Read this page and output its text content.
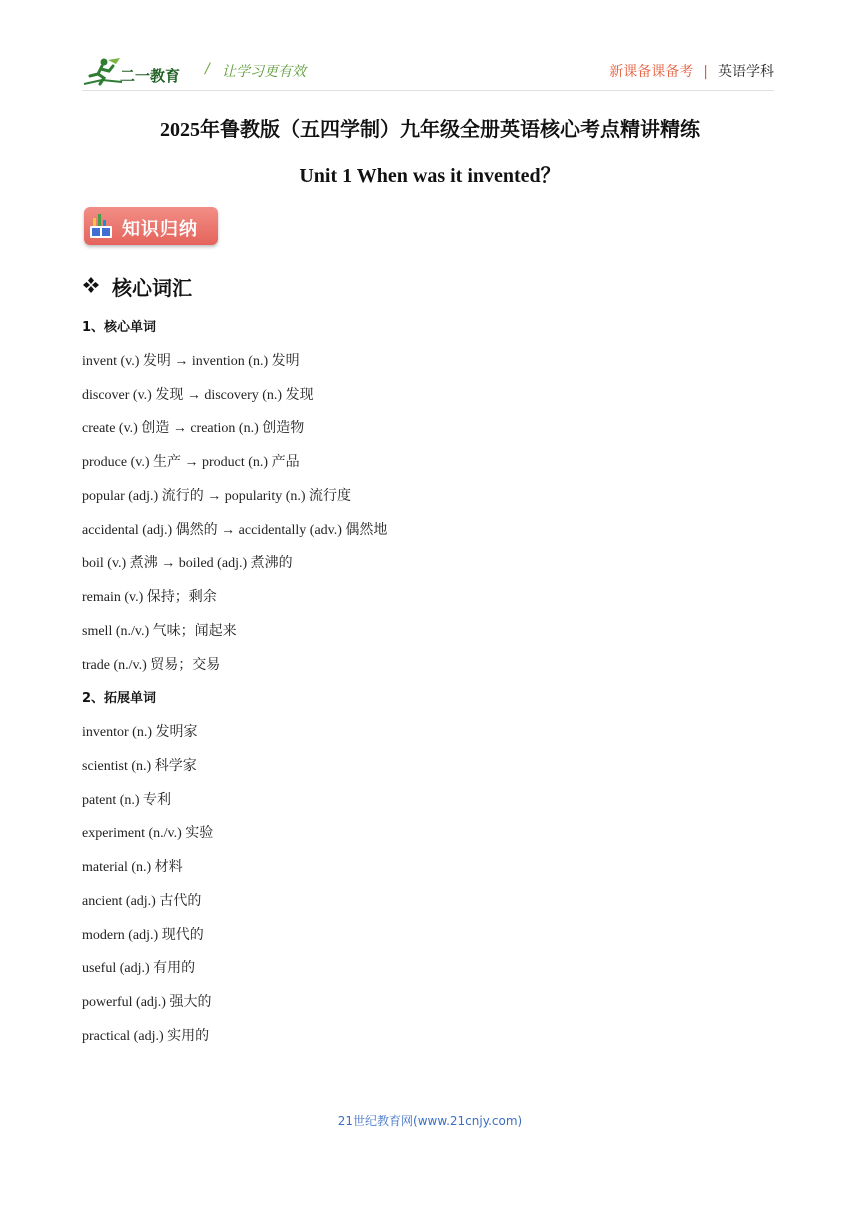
二一教育 / 让学习更有效	新课备课备考 | 英语学科
2025年鲁教版（五四学制）九年级全册英语核心考点精讲精练
Unit 1 When was it invented？
知识归纳
核心词汇
1、核心单词
invent (v.) 发明 → invention (n.) 发明
discover (v.) 发现 → discovery (n.) 发现
create (v.) 创造 → creation (n.) 创造物
produce (v.) 生产 → product (n.) 产品
popular (adj.) 流行的 → popularity (n.) 流行度
accidental (adj.) 偶然的 → accidentally (adv.) 偶然地
boil (v.) 煮沸 → boiled (adj.) 煮沸的
remain (v.) 保持；剩余
smell (n./v.) 气味；闻起来
trade (n./v.) 贸易；交易
2、拓展单词
inventor (n.) 发明家
scientist (n.) 科学家
patent (n.) 专利
experiment (n./v.) 实验
material (n.) 材料
ancient (adj.) 古代的
modern (adj.) 现代的
useful (adj.) 有用的
powerful (adj.) 强大的
practical (adj.) 实用的
21世纪教育网(www.21cnjy.com)
